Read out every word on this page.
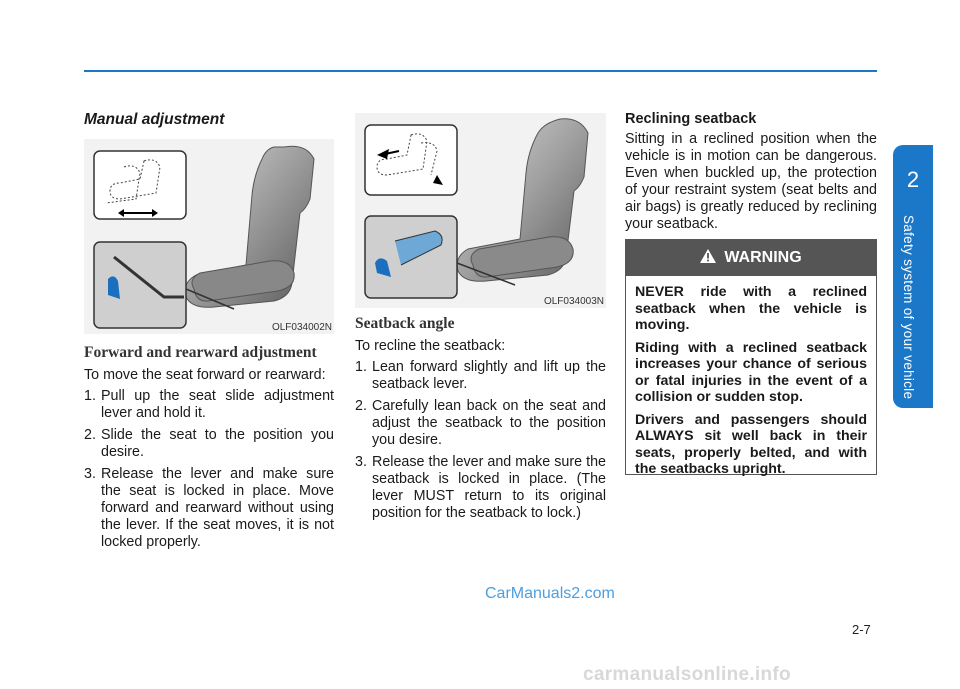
2
Safety system of your vehicle
Manual adjustment
OLF034002N
Forward and rearward adjustment

To move the seat forward or rearward:

1. Pull up the seat slide adjustment lever and hold it.
2. Slide the seat to the position you desire.
3. Release the lever and make sure the seat is locked in place. Move forward and rearward without using the lever. If the seat moves, it is not locked properly.
OLF034003N
Seatback angle

To recline the seatback:

1. Lean forward slightly and lift up the seatback lever.
2. Carefully lean back on the seat and adjust the seatback to the position you desire.
3. Release the lever and make sure the seatback is locked in place. (The lever MUST return to its original position for the seatback to lock.)
Reclining seatback

Sitting in a reclined position when the vehicle is in motion can be dangerous. Even when buckled up, the protection of your restraint system (seat belts and air bags) is greatly reduced by reclining your seatback.

WARNING

NEVER ride with a reclined seatback when the vehicle is moving.

Riding with a reclined seatback increases your chance of serious or fatal injuries in the event of a collision or sudden stop.

Drivers and passengers should ALWAYS sit well back in their seats, properly belted, and with the seatbacks upright.

CarManuals2.com
2-7
carmanualsonline.info
